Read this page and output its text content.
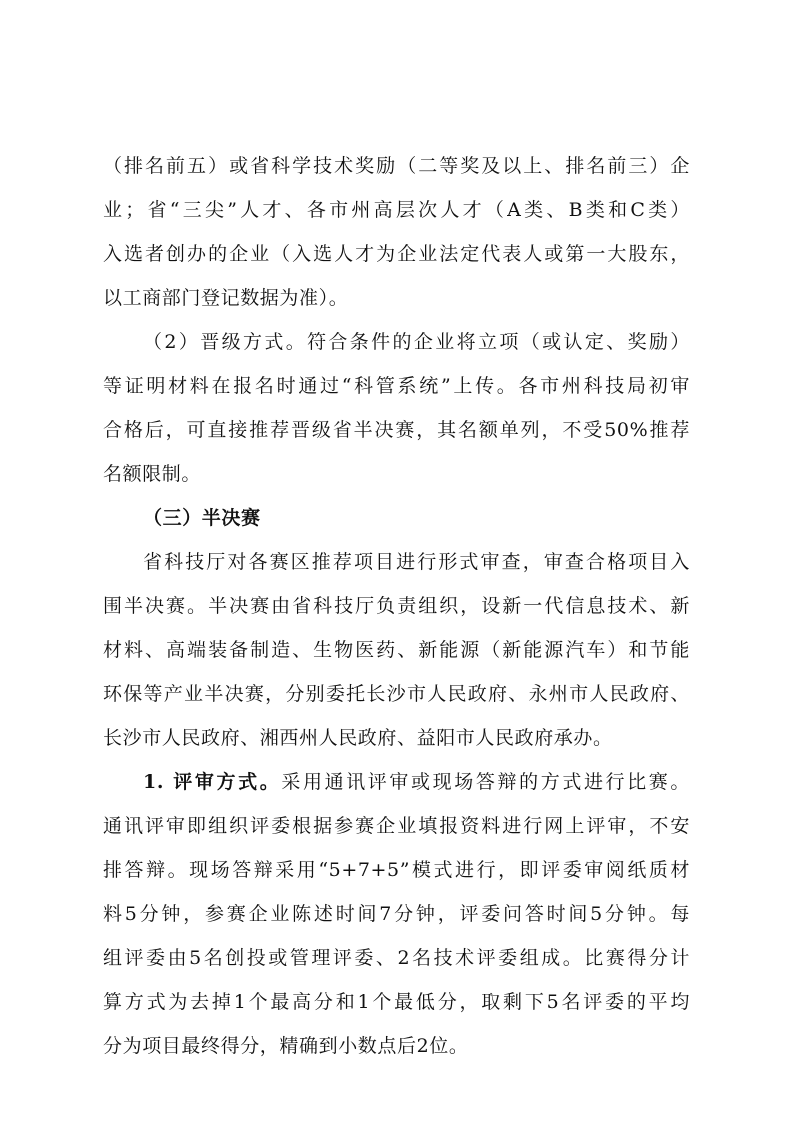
（排名前五）或省科学技术奖励（二等奖及以上、排名前三）企
业；省“三尖”人才、各市州高层次人才（A类、B类和C类）
入选者创办的企业（入选人才为企业法定代表人或第一大股东，
以工商部门登记数据为准）。
（2）晋级方式。符合条件的企业将立项（或认定、奖励）
等证明材料在报名时通过“科管系统”上传。各市州科技局初审
合格后，可直接推荐晋级省半决赛，其名额单列，不受50%推荐
名额限制。
（三）半决赛
省科技厅对各赛区推荐项目进行形式审查，审查合格项目入
围半决赛。半决赛由省科技厅负责组织，设新一代信息技术、新
材料、高端装备制造、生物医药、新能源（新能源汽车）和节能
环保等产业半决赛，分别委托长沙市人民政府、永州市人民政府、
长沙市人民政府、湘西州人民政府、益阳市人民政府承办。
1. 评审方式。采用通讯评审或现场答辩的方式进行比赛。
通讯评审即组织评委根据参赛企业填报资料进行网上评审，不安
排答辩。现场答辩采用“5+7+5”模式进行，即评委审阅纸质材
料5分钟，参赛企业陈述时间7分钟，评委问答时间5分钟。每
组评委由5名创投或管理评委、2名技术评委组成。比赛得分计
算方式为去掉1个最高分和1个最低分，取剩下5名评委的平均
分为项目最终得分，精确到小数点后2位。
